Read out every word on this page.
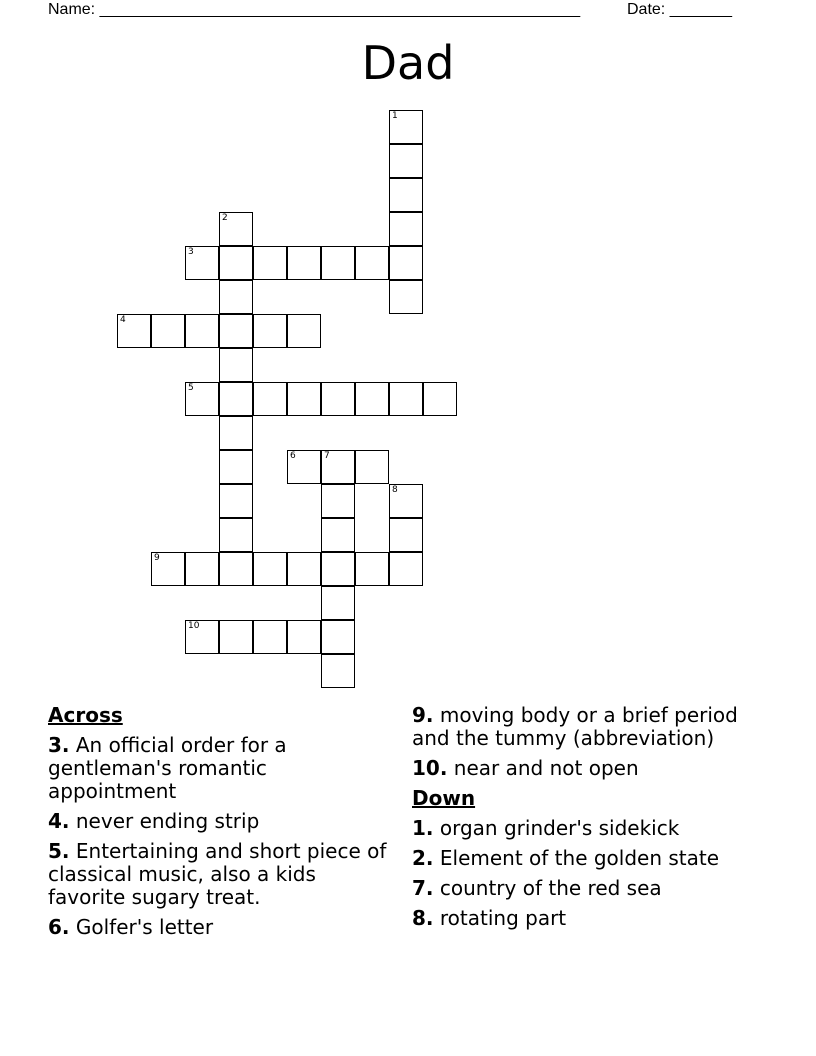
Name: ______________________________________________________	Date: _______
Dad
1
2
3
4
5
6	7
8
9
10
Across
3. An official order for a gentleman's romantic appointment
4. never ending strip
5. Entertaining and short piece of classical music, also a kids favorite sugary treat.
6. Golfer's letter
9. moving body or a brief period and the tummy (abbreviation)
10. near and not open
Down
1. organ grinder's sidekick
2. Element of the golden state
7. country of the red sea
8. rotating part
